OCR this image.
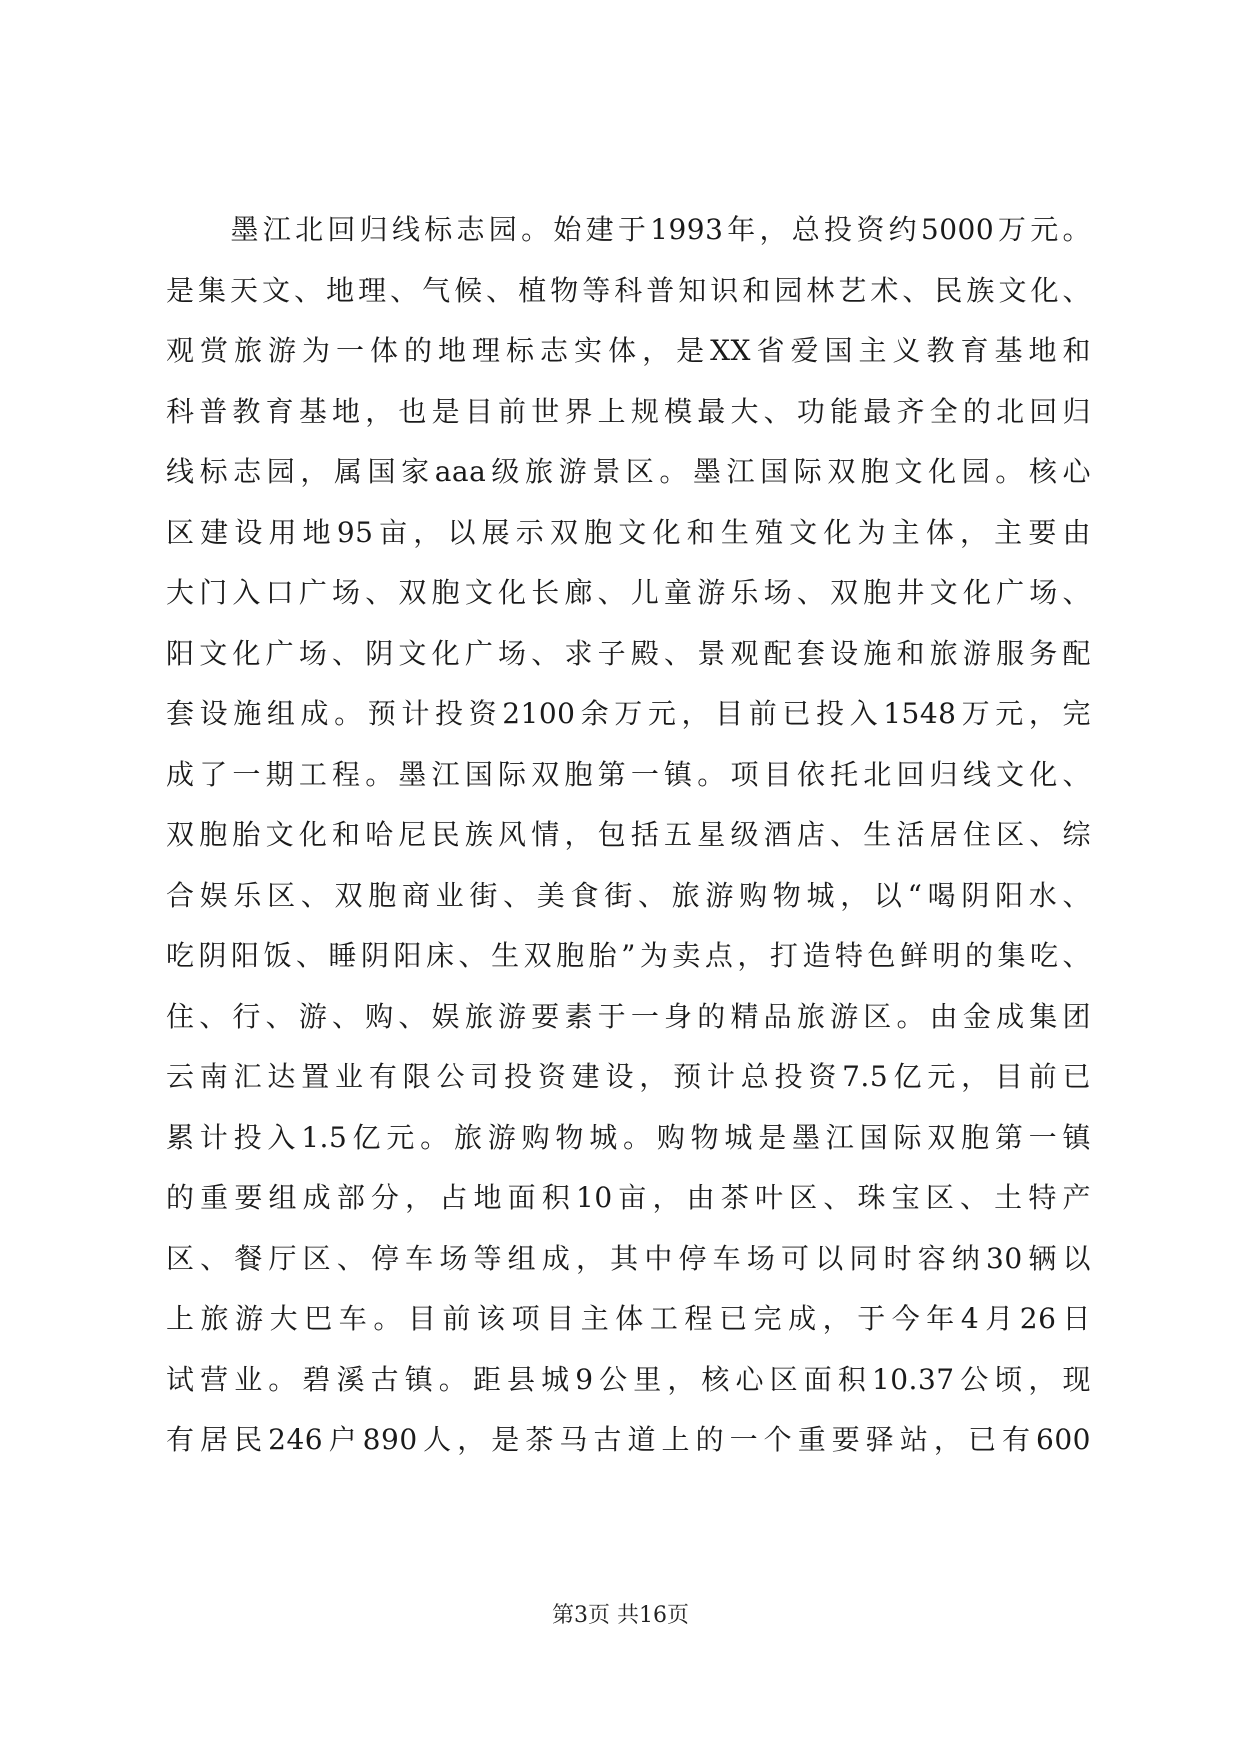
　　墨江北回归线标志园。始建于1993年，总投资约5000万元。
是集天文、地理、气候、植物等科普知识和园林艺术、民族文化、
观赏旅游为一体的地理标志实体，是XX省爱国主义教育基地和
科普教育基地，也是目前世界上规模最大、功能最齐全的北回归
线标志园，属国家aaa级旅游景区。墨江国际双胞文化园。核心
区建设用地95亩，以展示双胞文化和生殖文化为主体，主要由
大门入口广场、双胞文化长廊、儿童游乐场、双胞井文化广场、
阳文化广场、阴文化广场、求子殿、景观配套设施和旅游服务配
套设施组成。预计投资2100余万元，目前已投入1548万元，完
成了一期工程。墨江国际双胞第一镇。项目依托北回归线文化、
双胞胎文化和哈尼民族风情，包括五星级酒店、生活居住区、综
合娱乐区、双胞商业街、美食街、旅游购物城，以“喝阴阳水、
吃阴阳饭、睡阴阳床、生双胞胎”为卖点，打造特色鲜明的集吃、
住、行、游、购、娱旅游要素于一身的精品旅游区。由金成集团
云南汇达置业有限公司投资建设，预计总投资7.5亿元，目前已
累计投入1.5亿元。旅游购物城。购物城是墨江国际双胞第一镇
的重要组成部分，占地面积10亩，由茶叶区、珠宝区、土特产
区、餐厅区、停车场等组成，其中停车场可以同时容纳30辆以
上旅游大巴车。目前该项目主体工程已完成，于今年4月26日
试营业。碧溪古镇。距县城9公里，核心区面积10.37公顷，现
有居民246户890人，是茶马古道上的一个重要驿站，已有600
第3页 共16页
